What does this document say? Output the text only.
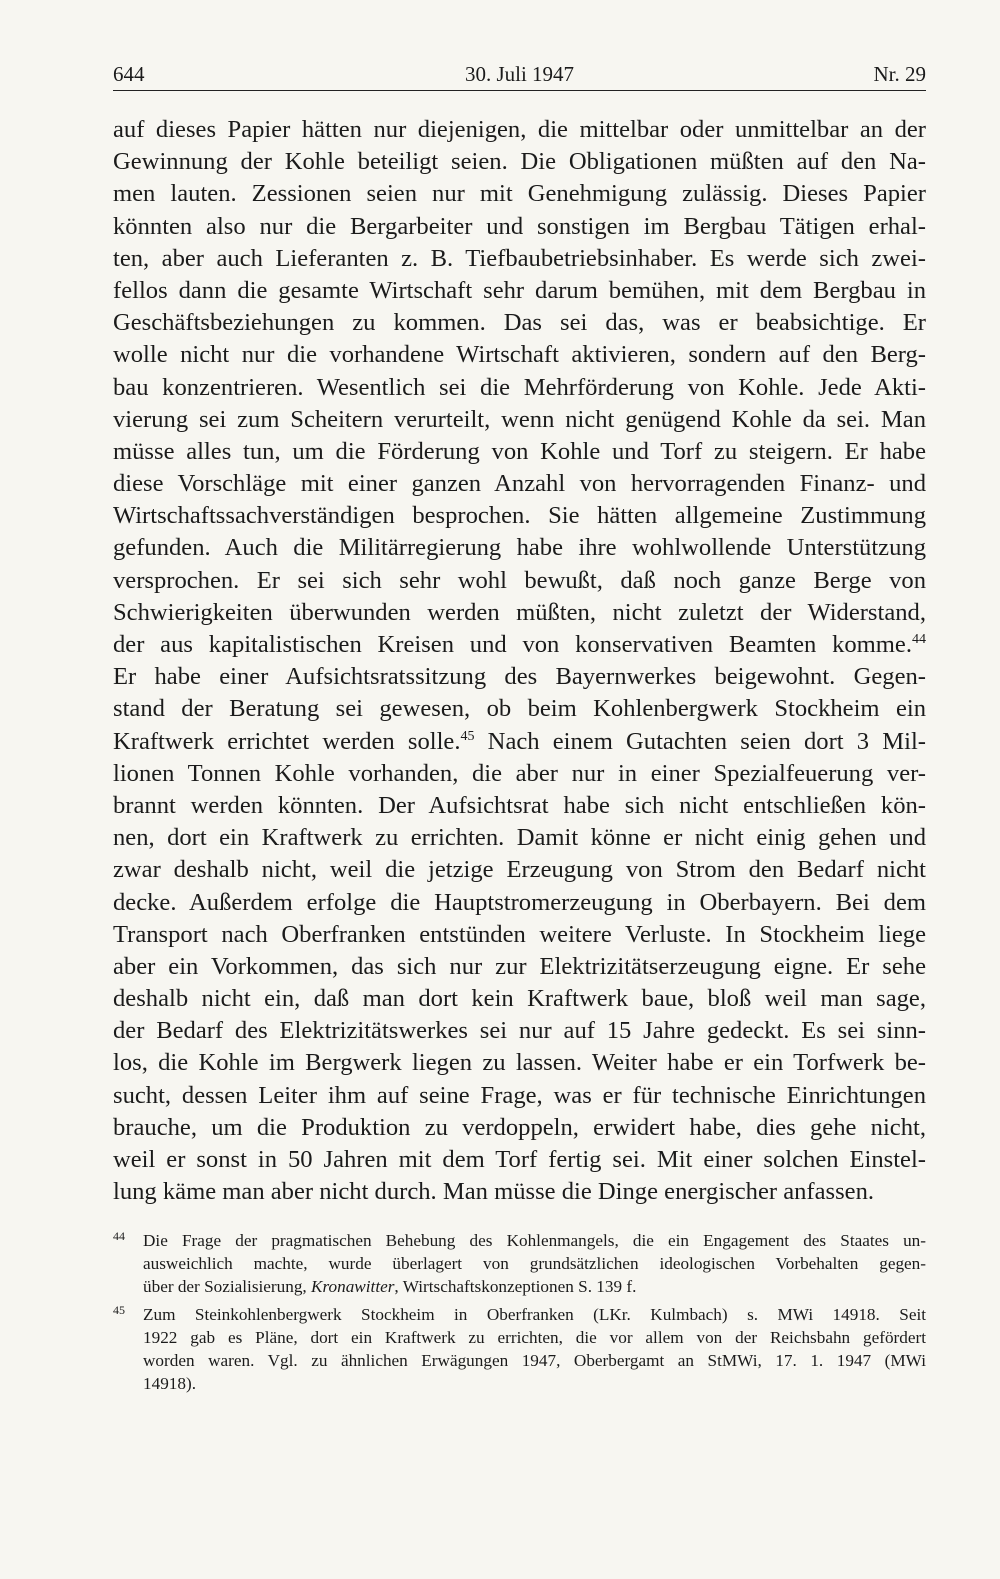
644	30. Juli 1947	Nr. 29
auf dieses Papier hätten nur diejenigen, die mittelbar oder unmittelbar an der
Gewinnung der Kohle beteiligt seien. Die Obligationen müßten auf den Na-
men lauten. Zessionen seien nur mit Genehmigung zulässig. Dieses Papier
könnten also nur die Bergarbeiter und sonstigen im Bergbau Tätigen erhal-
ten, aber auch Lieferanten z. B. Tiefbaubetriebsinhaber. Es werde sich zwei-
fellos dann die gesamte Wirtschaft sehr darum bemühen, mit dem Bergbau in
Geschäftsbeziehungen zu kommen. Das sei das, was er beabsichtige. Er
wolle nicht nur die vorhandene Wirtschaft aktivieren, sondern auf den Berg-
bau konzentrieren. Wesentlich sei die Mehrförderung von Kohle. Jede Akti-
vierung sei zum Scheitern verurteilt, wenn nicht genügend Kohle da sei. Man
müsse alles tun, um die Förderung von Kohle und Torf zu steigern. Er habe
diese Vorschläge mit einer ganzen Anzahl von hervorragenden Finanz- und
Wirtschaftssachverständigen besprochen. Sie hätten allgemeine Zustimmung
gefunden. Auch die Militärregierung habe ihre wohlwollende Unterstützung
versprochen. Er sei sich sehr wohl bewußt, daß noch ganze Berge von
Schwierigkeiten überwunden werden müßten, nicht zuletzt der Widerstand,
der aus kapitalistischen Kreisen und von konservativen Beamten komme.$^{44}$
Er habe einer Aufsichtsratssitzung des Bayernwerkes beigewohnt. Gegen-
stand der Beratung sei gewesen, ob beim Kohlenbergwerk Stockheim ein
Kraftwerk errichtet werden solle.$^{45}$ Nach einem Gutachten seien dort 3 Mil-
lionen Tonnen Kohle vorhanden, die aber nur in einer Spezialfeuerung ver-
brannt werden könnten. Der Aufsichtsrat habe sich nicht entschließen kön-
nen, dort ein Kraftwerk zu errichten. Damit könne er nicht einig gehen und
zwar deshalb nicht, weil die jetzige Erzeugung von Strom den Bedarf nicht
decke. Außerdem erfolge die Hauptstromerzeugung in Oberbayern. Bei dem
Transport nach Oberfranken entstünden weitere Verluste. In Stockheim liege
aber ein Vorkommen, das sich nur zur Elektrizitätserzeugung eigne. Er sehe
deshalb nicht ein, daß man dort kein Kraftwerk baue, bloß weil man sage,
der Bedarf des Elektrizitätswerkes sei nur auf 15 Jahre gedeckt. Es sei sinn-
los, die Kohle im Bergwerk liegen zu lassen. Weiter habe er ein Torfwerk be-
sucht, dessen Leiter ihm auf seine Frage, was er für technische Einrichtungen
brauche, um die Produktion zu verdoppeln, erwidert habe, dies gehe nicht,
weil er sonst in 50 Jahren mit dem Torf fertig sei. Mit einer solchen Einstel-
lung käme man aber nicht durch. Man müsse die Dinge energischer anfassen.
44 Die Frage der pragmatischen Behebung des Kohlenmangels, die ein Engagement des Staates un-
ausweichlich machte, wurde überlagert von grundsätzlichen ideologischen Vorbehalten gegen-
über der Sozialisierung, Kronawitter, Wirtschaftskonzeptionen S. 139 f.
45 Zum Steinkohlenbergwerk Stockheim in Oberfranken (LKr. Kulmbach) s. MWi 14918. Seit
1922 gab es Pläne, dort ein Kraftwerk zu errichten, die vor allem von der Reichsbahn gefördert
worden waren. Vgl. zu ähnlichen Erwägungen 1947, Oberbergamt an StMWi, 17. 1. 1947 (MWi
14918).
